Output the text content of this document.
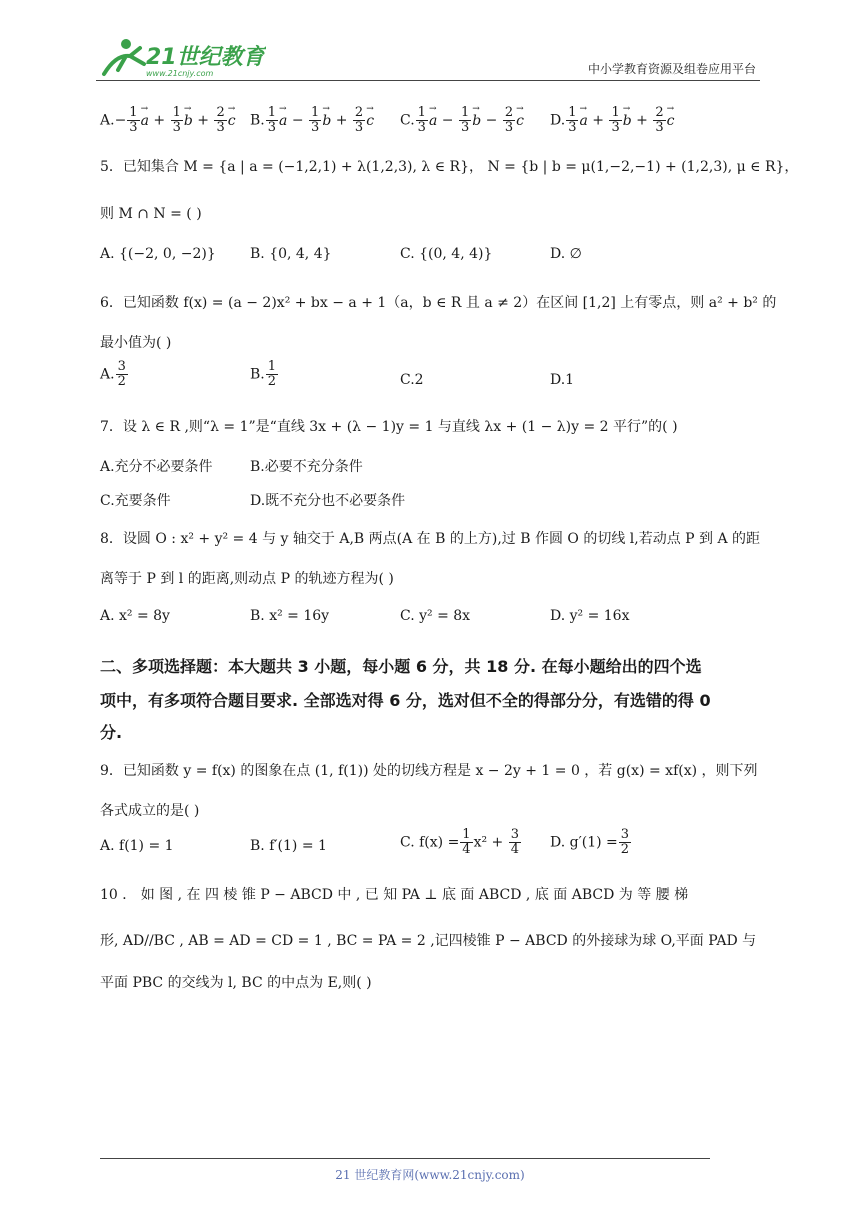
21世纪教育
www.21cnjy.com	中小学教育资源及组卷应用平台
$A.- \frac{1}{3}$
→ $a + \frac{1}{3}$
→ $b + \frac{2}{3}$
→ c B. $\frac{1}{3}$
→ $a - \frac{1}{3}$
→ $b + \frac{2}{3}$
→ c C. $\frac{1}{3}$
→ $a - \frac{1}{3}$
→ $b - \frac{2}{3}$
→ c D. $\frac{1}{3}$
→ $a + \frac{1}{3}$
→ $b + \frac{2}{3}$
→ c
5．已知集合 M = {a | a = (−1,2,1) + λ(1,2,3), λ ∈ R}， N = {b | b = μ(1,−2,−1) + (1,2,3), μ ∈ R}，
则 M ∩ N = ( )
A. {(−2, 0, −2)} B. {0, 4, 4}	C. {(0, 4, 4)}	D. ∅
6．已知函数 f(x) = (a − 2)x² + bx − a + 1（a，b ∈ R 且 a ≠ 2）在区间 [1,2] 上有零点，则 a² + b² 的
最小值为( )
A. $\frac{3}{2}$	B. $\frac{1}{2}$	C.2	D.1
7．设 λ ∈ R ,则“λ = 1”是“直线 3x + (λ − 1)y = 1 与直线 λx + (1 − λ)y = 2 平行”的( )
A.充分不必要条件	B.必要不充分条件
C.充要条件	D.既不充分也不必要条件
8．设圆 O : x² + y² = 4 与 y 轴交于 A,B 两点(A 在 B 的上方),过 B 作圆 O 的切线 l,若动点 P 到 A 的距
离等于 P 到 l 的距离,则动点 P 的轨迹方程为( )
A. x² = 8y	B. x² = 16y	C. y² = 8x	D. y² = 16x
二、多项选择题：本大题共 3 小题，每小题 6 分，共 18 分. 在每小题给出的四个选
项中，有多项符合题目要求. 全部选对得 6 分，选对但不全的得部分分，有选错的得 0
分.
9．已知函数 y = f(x) 的图象在点 (1, f(1)) 处的切线方程是 x − 2y + 1 = 0 ，若 g(x) = xf(x) ，则下列
各式成立的是( )
A. f(1) = 1	B. f′(1) = 1	C. $f(x) = \frac{1}{4} x^2 + \frac{3}{4} D$. $g'(1) = \frac{3}{2}$
10 ． 如 图 , 在 四 棱 锥 P − ABCD 中 , 已 知 PA ⊥ 底 面 ABCD , 底 面 ABCD 为 等 腰 梯
形, AD//BC , AB = AD = CD = 1 , BC = PA = 2 ,记四棱锥 P − ABCD 的外接球为球 O,平面 PAD 与
平面 PBC 的交线为 l, BC 的中点为 E,则( )
21 世纪教育网(www.21cnjy.com)
